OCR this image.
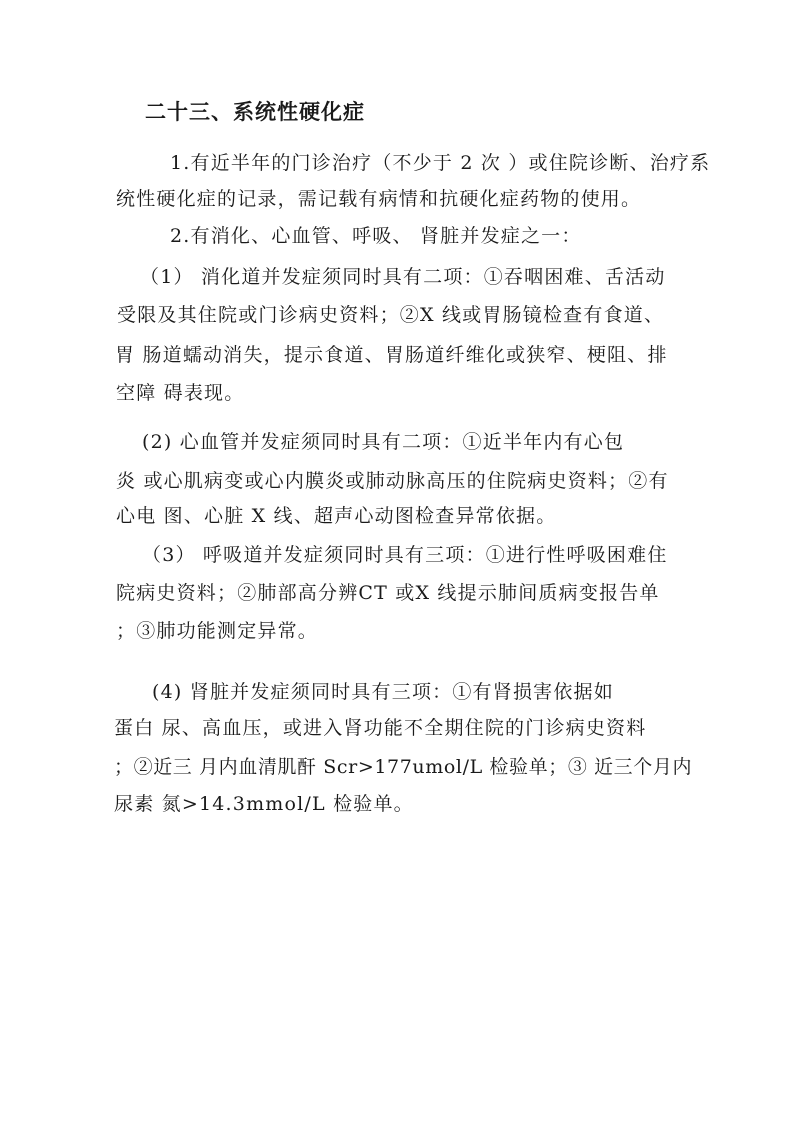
二十三、系统性硬化症
1.有近半年的门诊治疗（不少于 2 次 ）或住院诊断、治疗系
统性硬化症的记录，需记载有病情和抗硬化症药物的使用。
2.有消化、心血管、呼吸、 肾脏并发症之一：
（1） 消化道并发症须同时具有二项：①吞咽困难、舌活动
受限及其住院或门诊病史资料；②X 线或胃肠镜检查有食道、
胃 肠道蠕动消失，提示食道、胃肠道纤维化或狭窄、梗阻、排
空障 碍表现。
(2) 心血管并发症须同时具有二项：①近半年内有心包
炎 或心肌病变或心内膜炎或肺动脉高压的住院病史资料；②有
心电 图、心脏 X 线、超声心动图检查异常依据。
（3） 呼吸道并发症须同时具有三项：①进行性呼吸困难住
院病史资料；②肺部高分辨CT 或X 线提示肺间质病变报告单
；③肺功能测定异常。
(4) 肾脏并发症须同时具有三项：①有肾损害依据如
蛋白 尿、高血压，或进入肾功能不全期住院的门诊病史资料
；②近三 月内血清肌酐 Scr>177umol/L 检验单；③ 近三个月内
尿素 氮>14.3mmol/L 检验单。
